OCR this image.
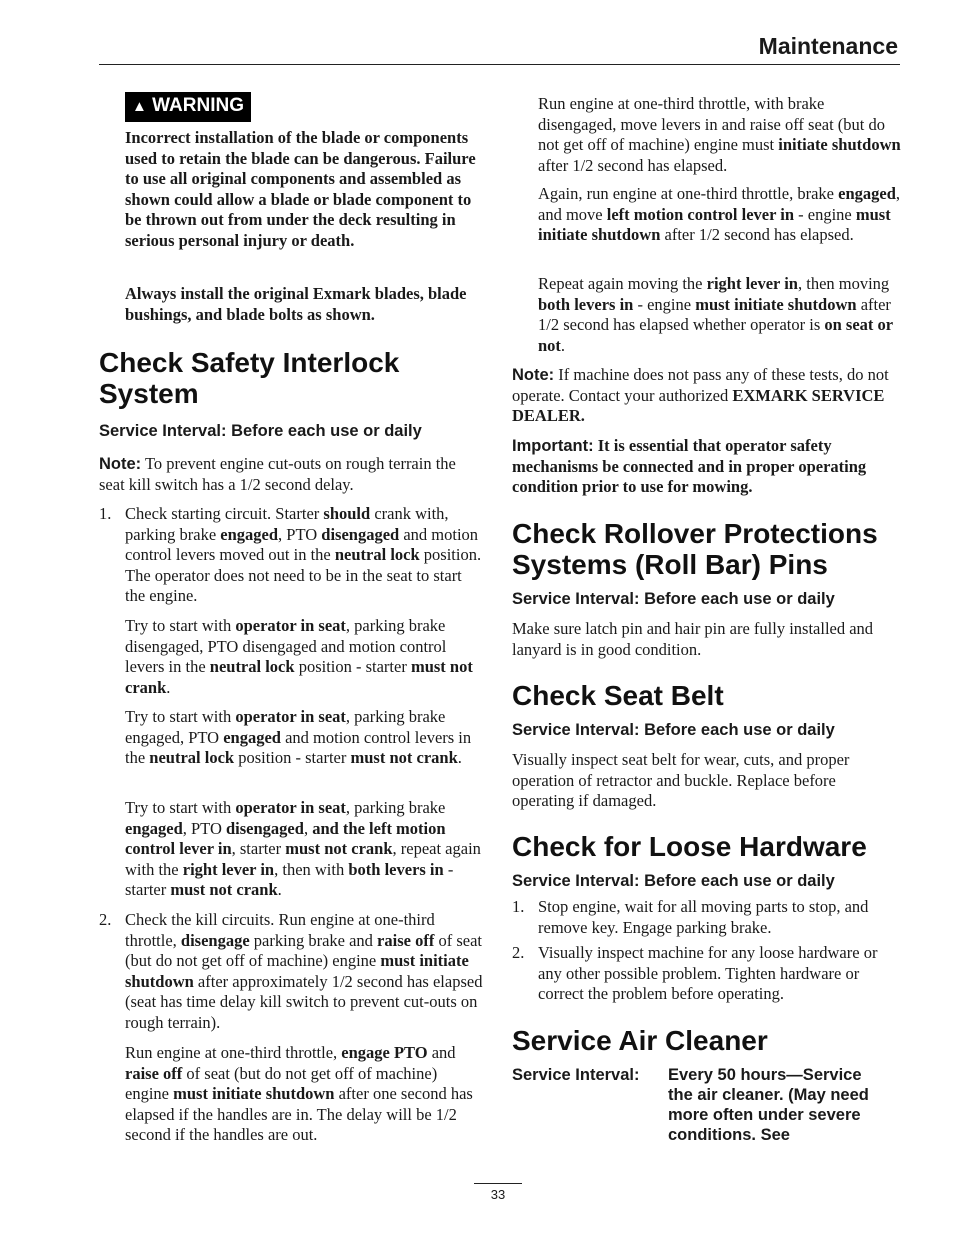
Maintenance
▲ WARNING

Incorrect installation of the blade or components used to retain the blade can be dangerous. Failure to use all original components and assembled as shown could allow a blade or blade component to be thrown out from under the deck resulting in serious personal injury or death.

Always install the original Exmark blades, blade bushings, and blade bolts as shown.

Check Safety Interlock System
Service Interval: Before each use or daily

Note: To prevent engine cut-outs on rough terrain the seat kill switch has a 1/2 second delay.

1. Check starting circuit. Starter should crank with, parking brake engaged, PTO disengaged and motion control levers moved out in the neutral lock position. The operator does not need to be in the seat to start the engine.

Try to start with operator in seat, parking brake disengaged, PTO disengaged and motion control levers in the neutral lock position - starter must not crank.

Try to start with operator in seat, parking brake engaged, PTO engaged and motion control levers in the neutral lock position - starter must not crank.

Try to start with operator in seat, parking brake engaged, PTO disengaged, and the left motion control lever in, starter must not crank, repeat again with the right lever in, then with both levers in - starter must not crank.

2. Check the kill circuits. Run engine at one-third throttle, disengage parking brake and raise off of seat (but do not get off of machine) engine must initiate shutdown after approximately 1/2 second has elapsed (seat has time delay kill switch to prevent cut-outs on rough terrain).

Run engine at one-third throttle, engage PTO and raise off of seat (but do not get off of machine) engine must initiate shutdown after one second has elapsed if the handles are in. The delay will be 1/2 second if the handles are out.

Run engine at one-third throttle, with brake disengaged, move levers in and raise off seat (but do not get off of machine) engine must initiate shutdown after 1/2 second has elapsed.

Again, run engine at one-third throttle, brake engaged, and move left motion control lever in - engine must initiate shutdown after 1/2 second has elapsed.

Repeat again moving the right lever in, then moving both levers in - engine must initiate shutdown after 1/2 second has elapsed whether operator is on seat or not.

Note: If machine does not pass any of these tests, do not operate. Contact your authorized EXMARK SERVICE DEALER.

Important: It is essential that operator safety mechanisms be connected and in proper operating condition prior to use for mowing.

Check Rollover Protections Systems (Roll Bar) Pins
Service Interval: Before each use or daily

Make sure latch pin and hair pin are fully installed and lanyard is in good condition.

Check Seat Belt
Service Interval: Before each use or daily

Visually inspect seat belt for wear, cuts, and proper operation of retractor and buckle. Replace before operating if damaged.

Check for Loose Hardware
Service Interval: Before each use or daily
1. Stop engine, wait for all moving parts to stop, and remove key. Engage parking brake.

2. Visually inspect machine for any loose hardware or any other possible problem. Tighten hardware or correct the problem before operating.

Service Air Cleaner
Service Interval:	Every 50 hours—Service the air cleaner. (May need more often under severe conditions. See
33
